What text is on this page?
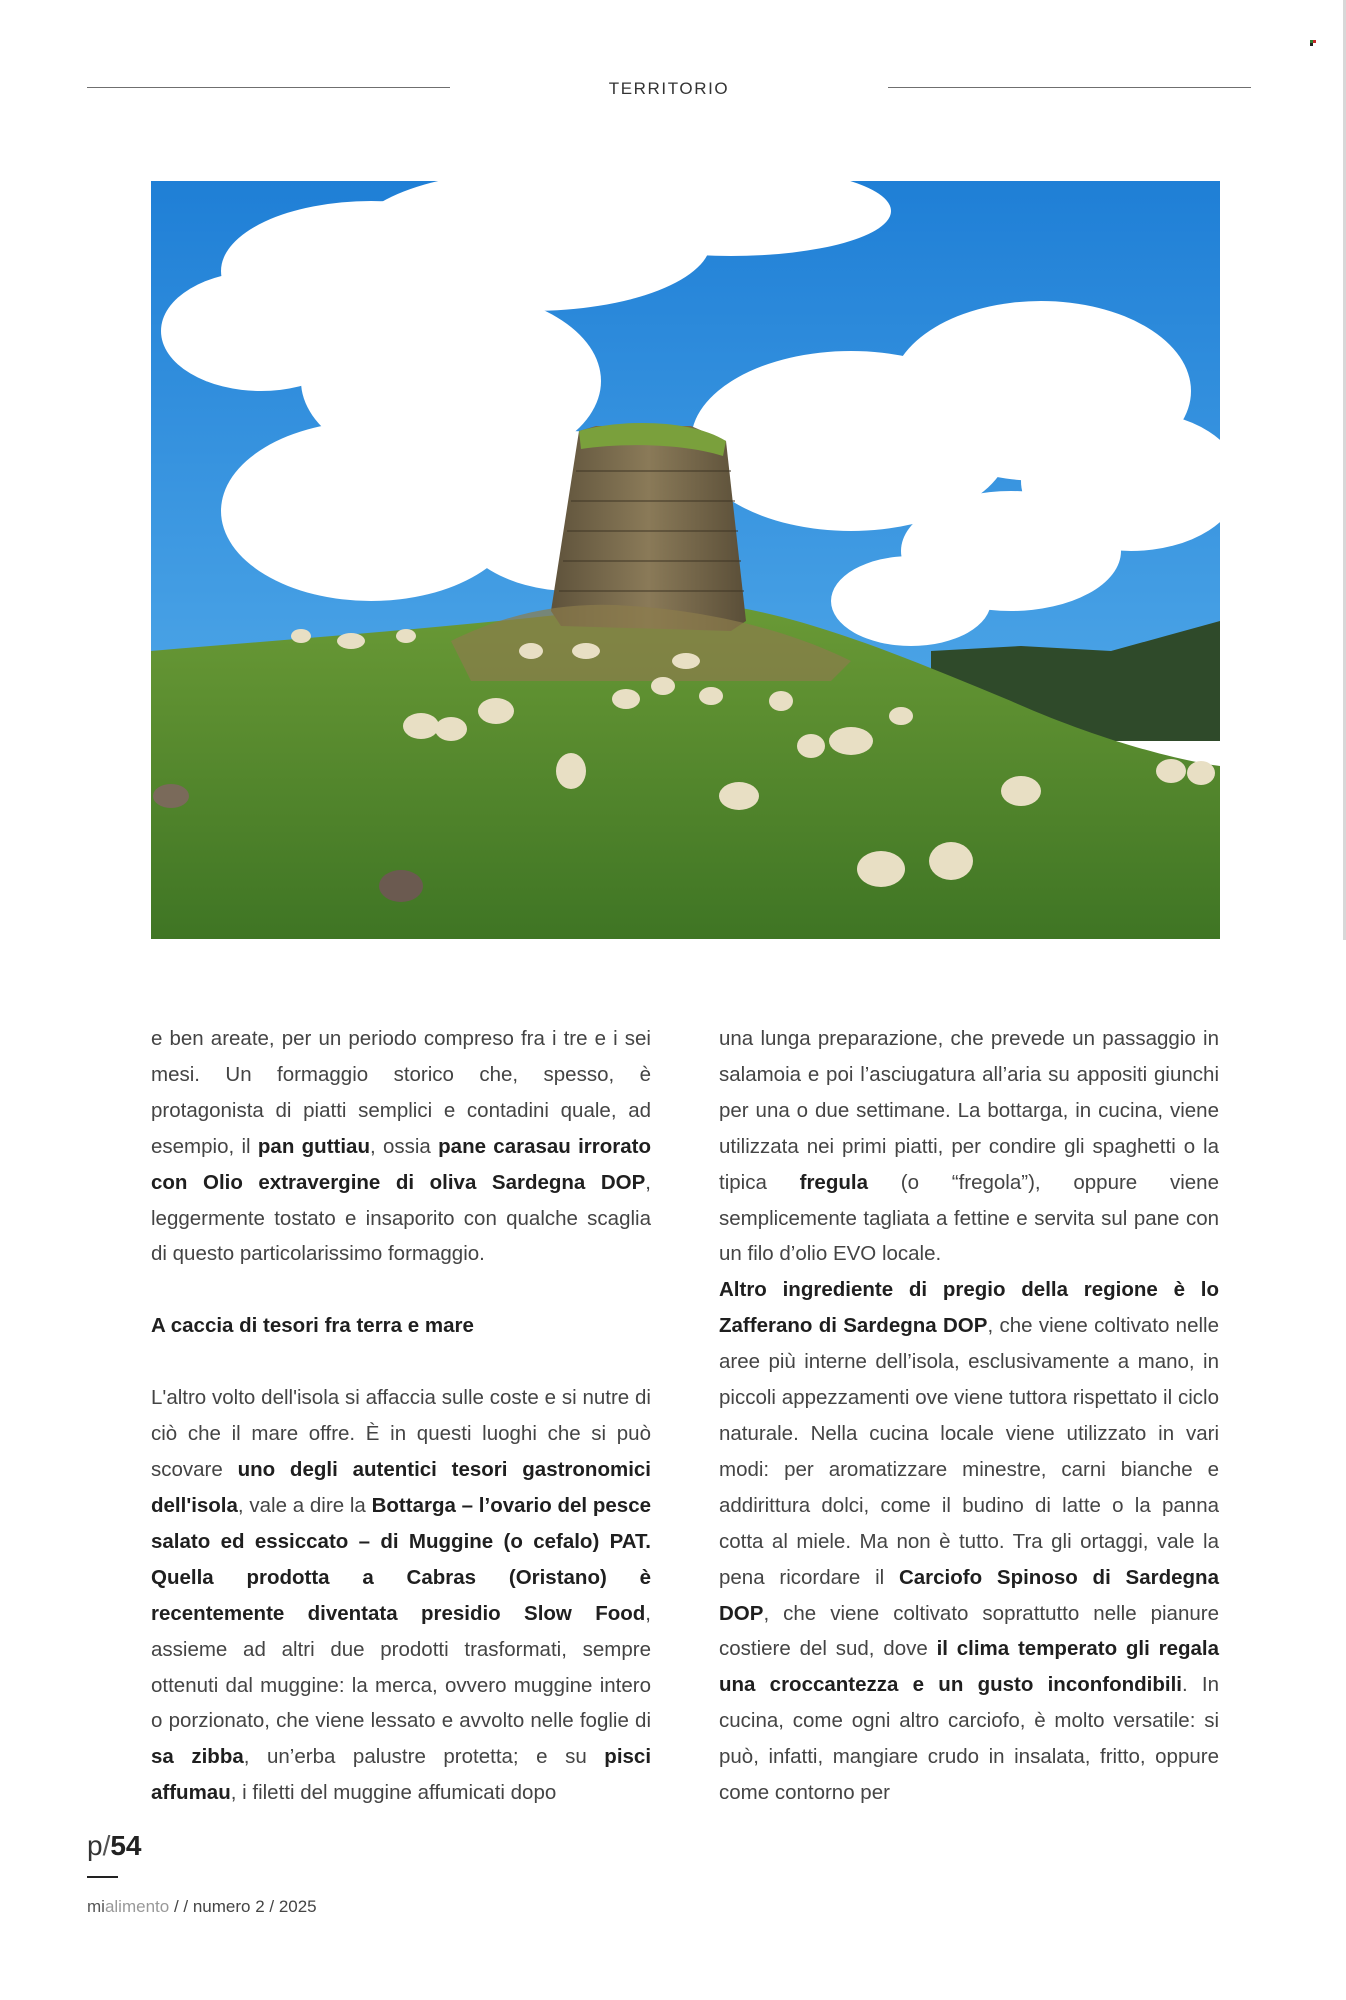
TERRITORIO

e ben areate, per un periodo compreso fra i tre e i sei mesi. Un formaggio storico che, spesso, è protagonista di piatti semplici e contadini quale, ad esempio, il pan guttiau, ossia pane carasau irrorato con Olio extravergine di oliva Sardegna DOP, leggermente tostato e insaporito con qualche scaglia di questo particolarissimo formaggio.

A caccia di tesori fra terra e mare

L'altro volto dell'isola si affaccia sulle coste e si nutre di ciò che il mare offre. È in questi luoghi che si può scovare uno degli autentici tesori gastronomici dell'isola, vale a dire la Bottarga – l’ovario del pesce salato ed essiccato – di Muggine (o cefalo) PAT. Quella prodotta a Cabras (Oristano) è recentemente diventata presidio Slow Food, assieme ad altri due prodotti trasformati, sempre ottenuti dal muggine: la merca, ovvero muggine intero o porzionato, che viene lessato e avvolto nelle foglie di sa zibba, un’erba palustre protetta; e su pisci affumau, i filetti del muggine affumicati dopo

una lunga preparazione, che prevede un passaggio in salamoia e poi l’asciugatura all’aria su appositi giunchi per una o due settimane. La bottarga, in cucina, viene utilizzata nei primi piatti, per condire gli spaghetti o la tipica fregula (o “fregola”), oppure viene semplicemente tagliata a fettine e servita sul pane con un filo d’olio EVO locale.

Altro ingrediente di pregio della regione è lo Zafferano di Sardegna DOP, che viene coltivato nelle aree più interne dell’isola, esclusivamente a mano, in piccoli appezzamenti ove viene tuttora rispettato il ciclo naturale. Nella cucina locale viene utilizzato in vari modi: per aromatizzare minestre, carni bianche e addirittura dolci, come il budino di latte o la panna cotta al miele. Ma non è tutto. Tra gli ortaggi, vale la pena ricordare il Carciofo Spinoso di Sardegna DOP, che viene coltivato soprattutto nelle pianure costiere del sud, dove il clima temperato gli regala una croccantezza e un gusto inconfondibili. In cucina, come ogni altro carciofo, è molto versatile: si può, infatti, mangiare crudo in insalata, fritto, oppure come contorno per

p/54
mialimento / / numero 2 / 2025
